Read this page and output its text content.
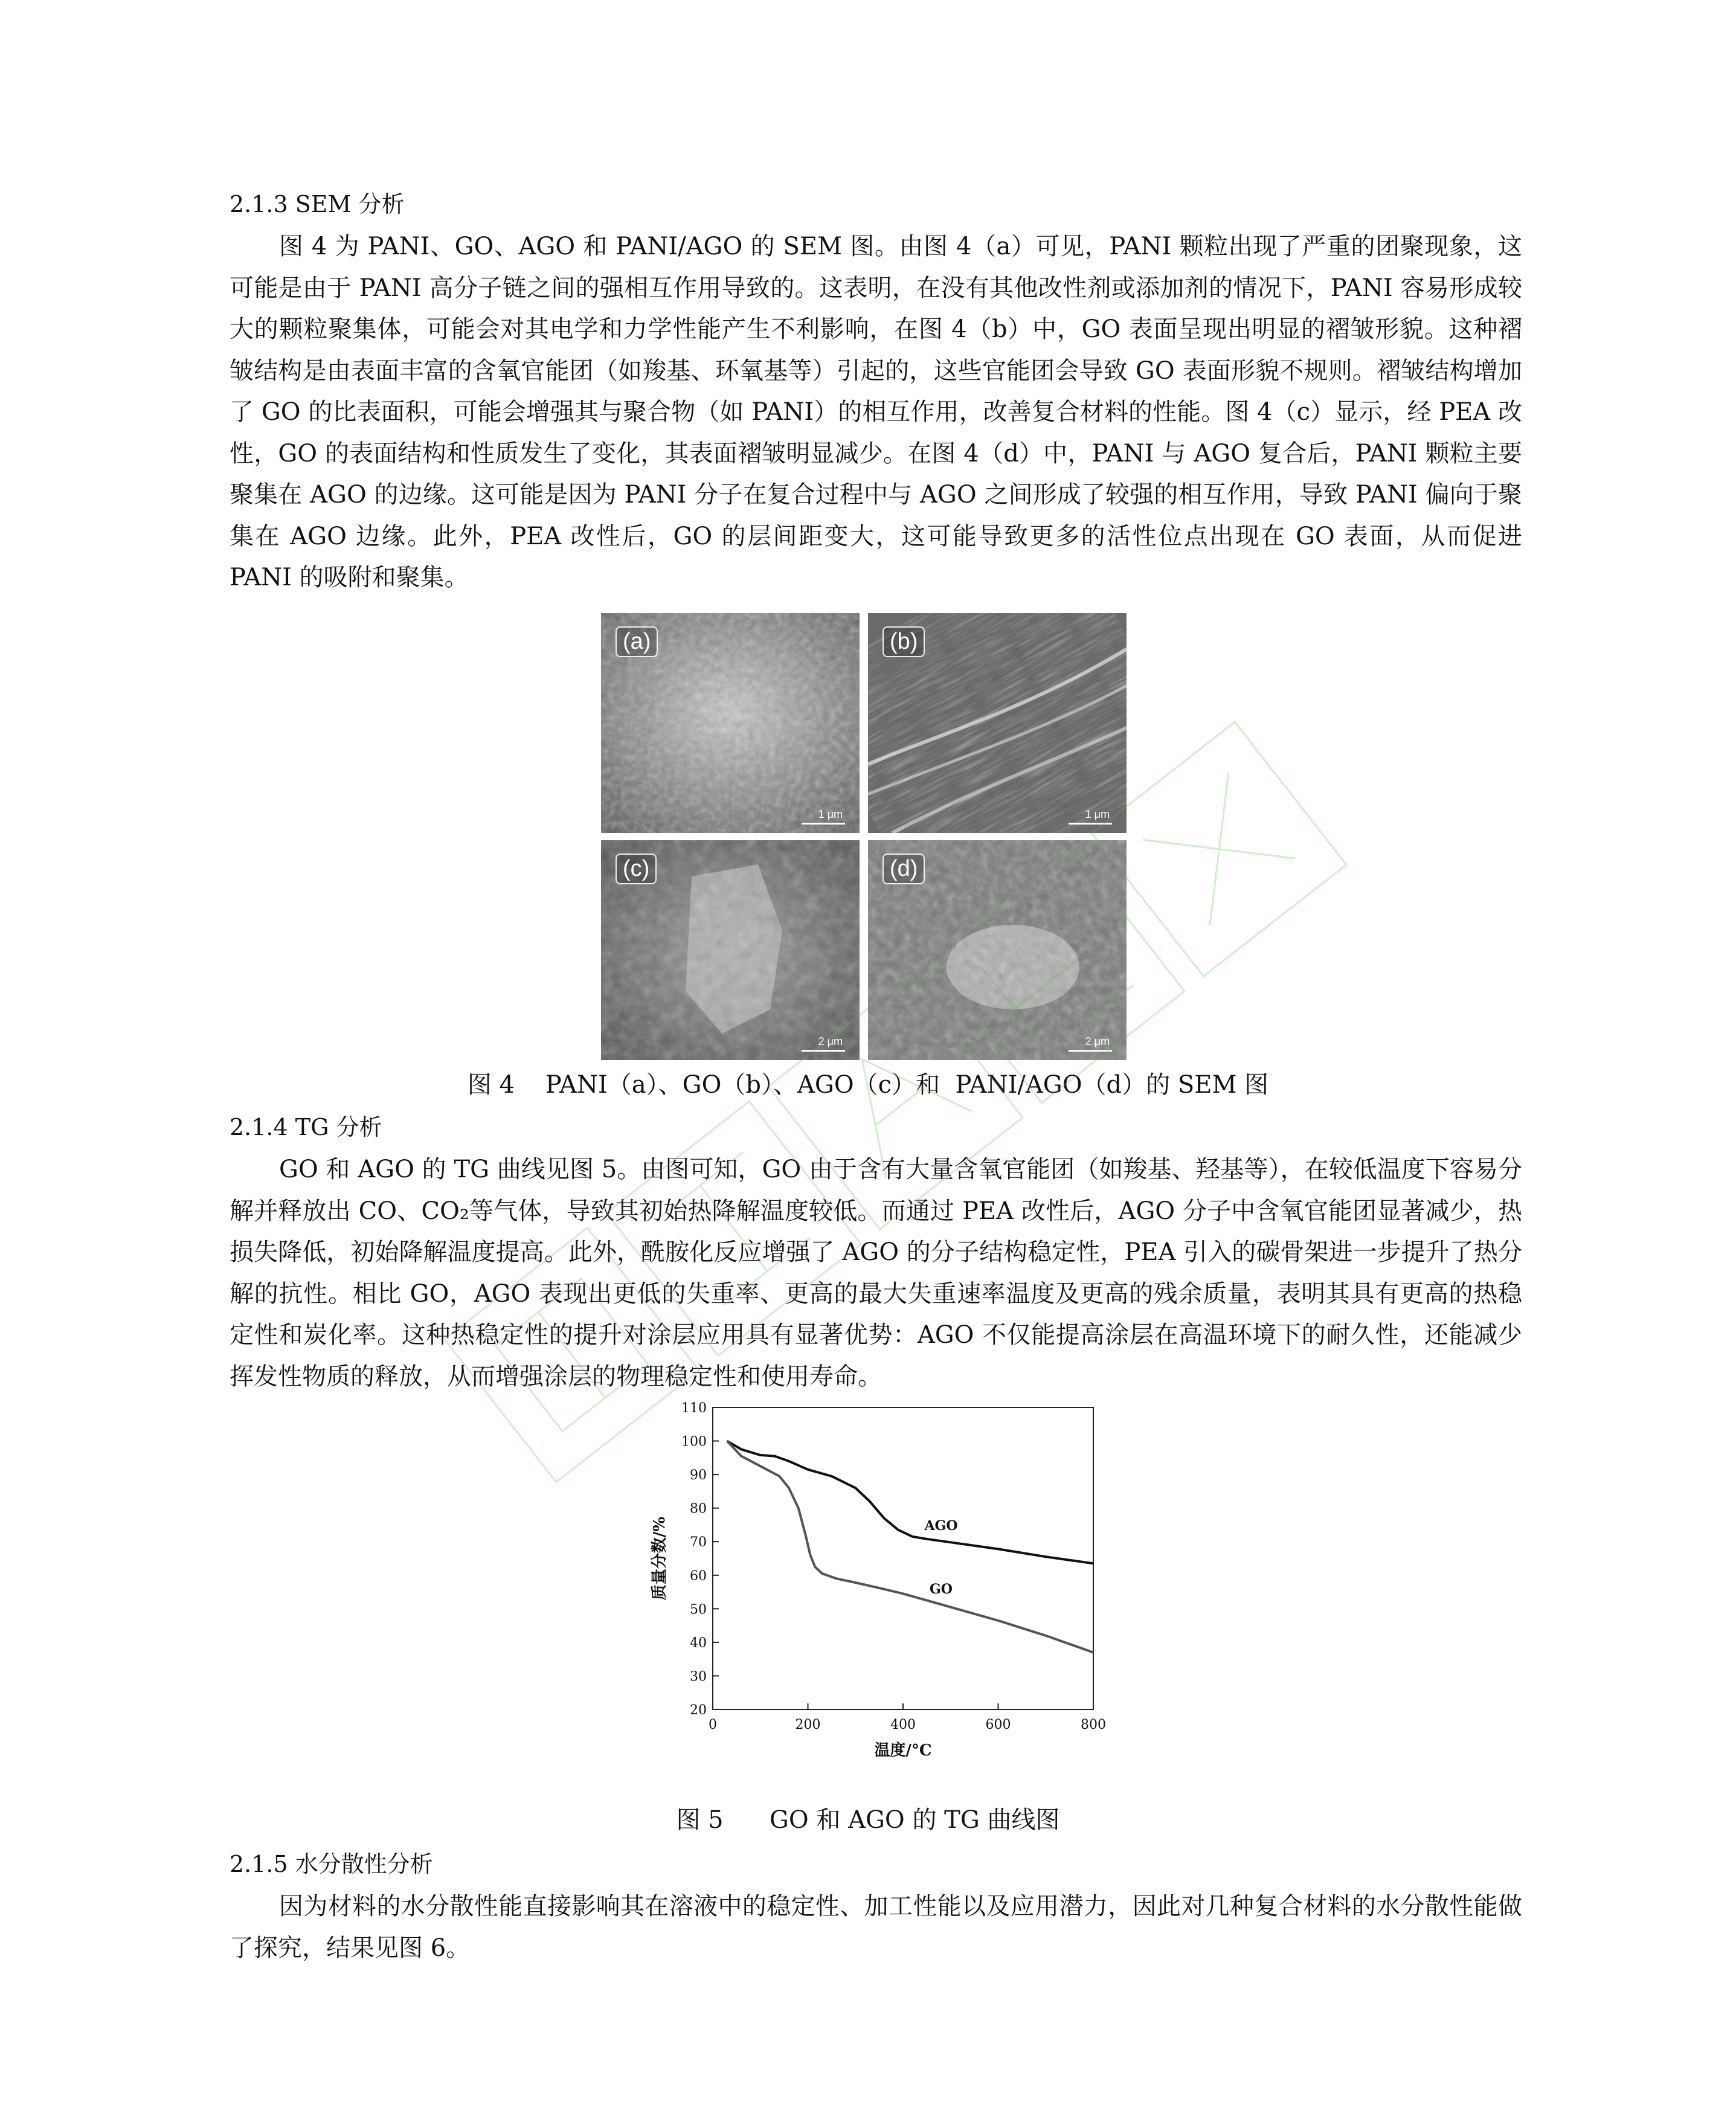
2.1.3 SEM 分析
图 4 为 PANI、GO、AGO 和 PANI/AGO 的 SEM 图。由图 4（a）可见，PANI 颗粒出现了严重的团聚现象，这可能是由于 PANI 高分子链之间的强相互作用导致的。这表明，在没有其他改性剂或添加剂的情况下，PANI 容易形成较大的颗粒聚集体，可能会对其电学和力学性能产生不利影响，在图 4（b）中，GO 表面呈现出明显的褶皱形貌。这种褶皱结构是由表面丰富的含氧官能团（如羧基、环氧基等）引起的，这些官能团会导致 GO 表面形貌不规则。褶皱结构增加了 GO 的比表面积，可能会增强其与聚合物（如 PANI）的相互作用，改善复合材料的性能。图 4（c）显示，经 PEA 改性，GO 的表面结构和性质发生了变化，其表面褶皱明显减少。在图 4（d）中，PANI 与 AGO 复合后，PANI 颗粒主要聚集在 AGO 的边缘。这可能是因为 PANI 分子在复合过程中与 AGO 之间形成了较强的相互作用，导致 PANI 偏向于聚集在 AGO 边缘。此外，PEA 改性后，GO 的层间距变大，这可能导致更多的活性位点出现在 GO 表面，从而促进 PANI 的吸附和聚集。
(a)
1 μm
(b)
1 μm
(c)
2 μm
(d)
2 μm
图 4    PANI（a）、GO（b）、AGO（c）和  PANI/AGO（d）的 SEM 图
2.1.4 TG 分析
GO 和 AGO 的 TG 曲线见图 5。由图可知，GO 由于含有大量含氧官能团（如羧基、羟基等），在较低温度下容易分解并释放出 CO、CO₂等气体，导致其初始热降解温度较低。而通过 PEA 改性后，AGO 分子中含氧官能团显著减少，热损失降低，初始降解温度提高。此外，酰胺化反应增强了 AGO 的分子结构稳定性，PEA 引入的碳骨架进一步提升了热分解的抗性。相比 GO，AGO 表现出更低的失重率、更高的最大失重速率温度及更高的残余质量，表明其具有更高的热稳定性和炭化率。这种热稳定性的提升对涂层应用具有显著优势：AGO 不仅能提高涂层在高温环境下的耐久性，还能减少挥发性物质的释放，从而增强涂层的物理稳定性和使用寿命。
0	200	400	600	800
20
30
40
50
60
70
80
90
100
110
温度/°C
质量分数/%	AGO
GO
图 5      GO 和 AGO 的 TG 曲线图
2.1.5 水分散性分析
因为材料的水分散性能直接影响其在溶液中的稳定性、加工性能以及应用潜力，因此对几种复合材料的水分散性能做了探究，结果见图 6。
